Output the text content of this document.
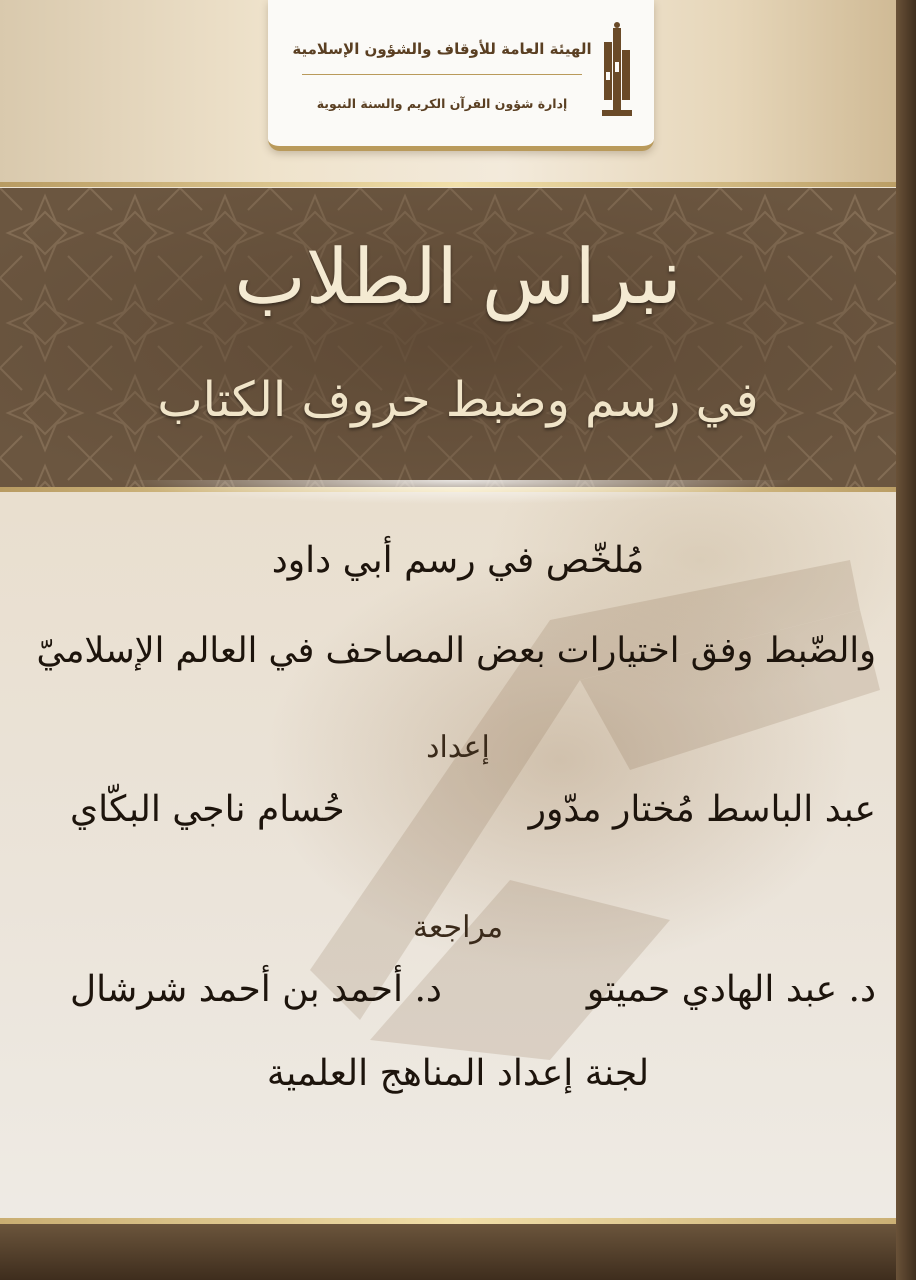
الهيئة العامة للأوقاف والشؤون الإسلامية
إدارة شؤون القرآن الكريم والسنة النبوية
نبراس الطلاب
في رسم وضبط حروف الكتاب
مُلخّص في رسم أبي داود
والضّبط وفق اختيارات بعض المصاحف في العالم الإسلاميّ
إعداد
عبد الباسط مُختار مدّور
حُسام ناجي البكّاي
مراجعة
د. عبد الهادي حميتو
د. أحمد بن أحمد شرشال
لجنة إعداد المناهج العلمية
